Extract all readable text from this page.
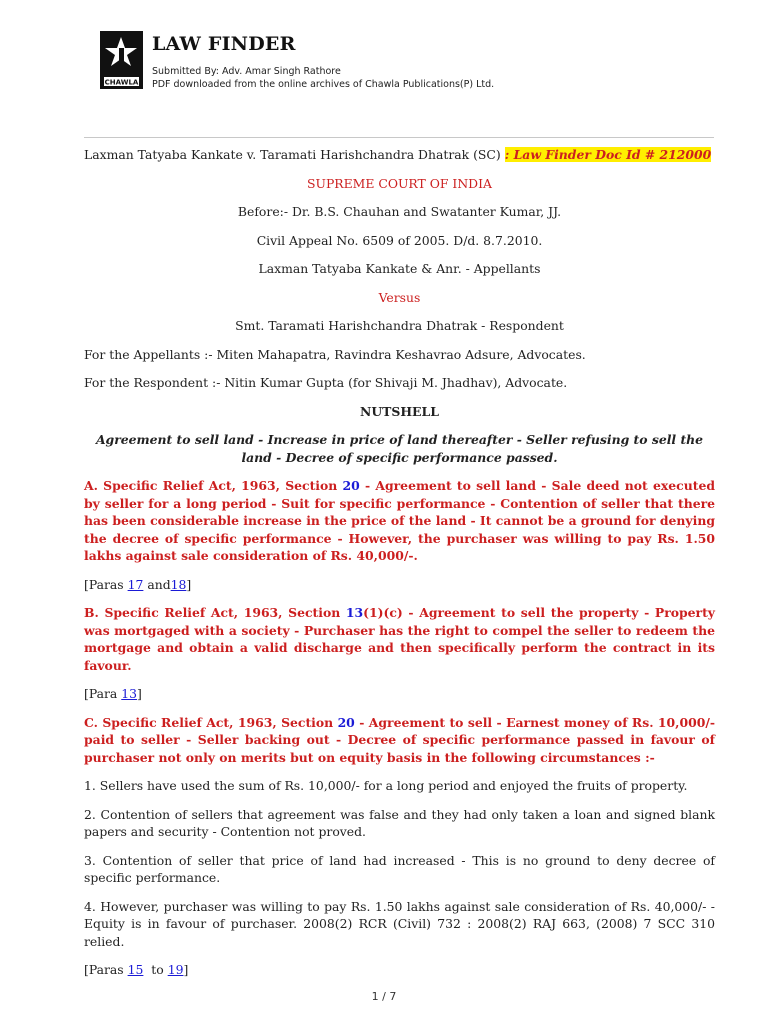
CHAWLA
LAW FINDER
Submitted By: Adv. Amar Singh Rathore
PDF downloaded from the online archives of Chawla Publications(P) Ltd.

Laxman Tatyaba Kankate v. Taramati Harishchandra Dhatrak (SC) : Law Finder Doc Id # 212000

SUPREME COURT OF INDIA

Before:- Dr. B.S. Chauhan and Swatanter Kumar, JJ.

Civil Appeal No. 6509 of 2005. D/d. 8.7.2010.

Laxman Tatyaba Kankate & Anr. - Appellants

Versus

Smt. Taramati Harishchandra Dhatrak - Respondent

For the Appellants :- Miten Mahapatra, Ravindra Keshavrao Adsure, Advocates.

For the Respondent :- Nitin Kumar Gupta (for Shivaji M. Jhadhav), Advocate.

NUTSHELL

Agreement to sell land - Increase in price of land thereafter - Seller refusing to sell the land - Decree of specific performance passed.

A. Specific Relief Act, 1963, Section 20 - Agreement to sell land - Sale deed not executed by seller for a long period - Suit for specific performance - Contention of seller that there has been considerable increase in the price of the land - It cannot be a ground for denying the decree of specific performance - However, the purchaser was willing to pay Rs. 1.50 lakhs against sale consideration of Rs. 40,000/-.

[Paras 17 and18]

B. Specific Relief Act, 1963, Section 13(1)(c) - Agreement to sell the property - Property was mortgaged with a society - Purchaser has the right to compel the seller to redeem the mortgage and obtain a valid discharge and then specifically perform the contract in its favour.

[Para 13]

C. Specific Relief Act, 1963, Section 20 - Agreement to sell - Earnest money of Rs. 10,000/- paid to seller - Seller backing out - Decree of specific performance passed in favour of purchaser not only on merits but on equity basis in the following circumstances :-

1. Sellers have used the sum of Rs. 10,000/- for a long period and enjoyed the fruits of property.

2. Contention of sellers that agreement was false and they had only taken a loan and signed blank papers and security - Contention not proved.

3. Contention of seller that price of land had increased - This is no ground to deny decree of specific performance.

4. However, purchaser was willing to pay Rs. 1.50 lakhs against sale consideration of Rs. 40,000/- - Equity is in favour of purchaser. 2008(2) RCR (Civil) 732 : 2008(2) RAJ 663, (2008) 7 SCC 310 relied.

[Paras 15 to 19]

1 / 7
